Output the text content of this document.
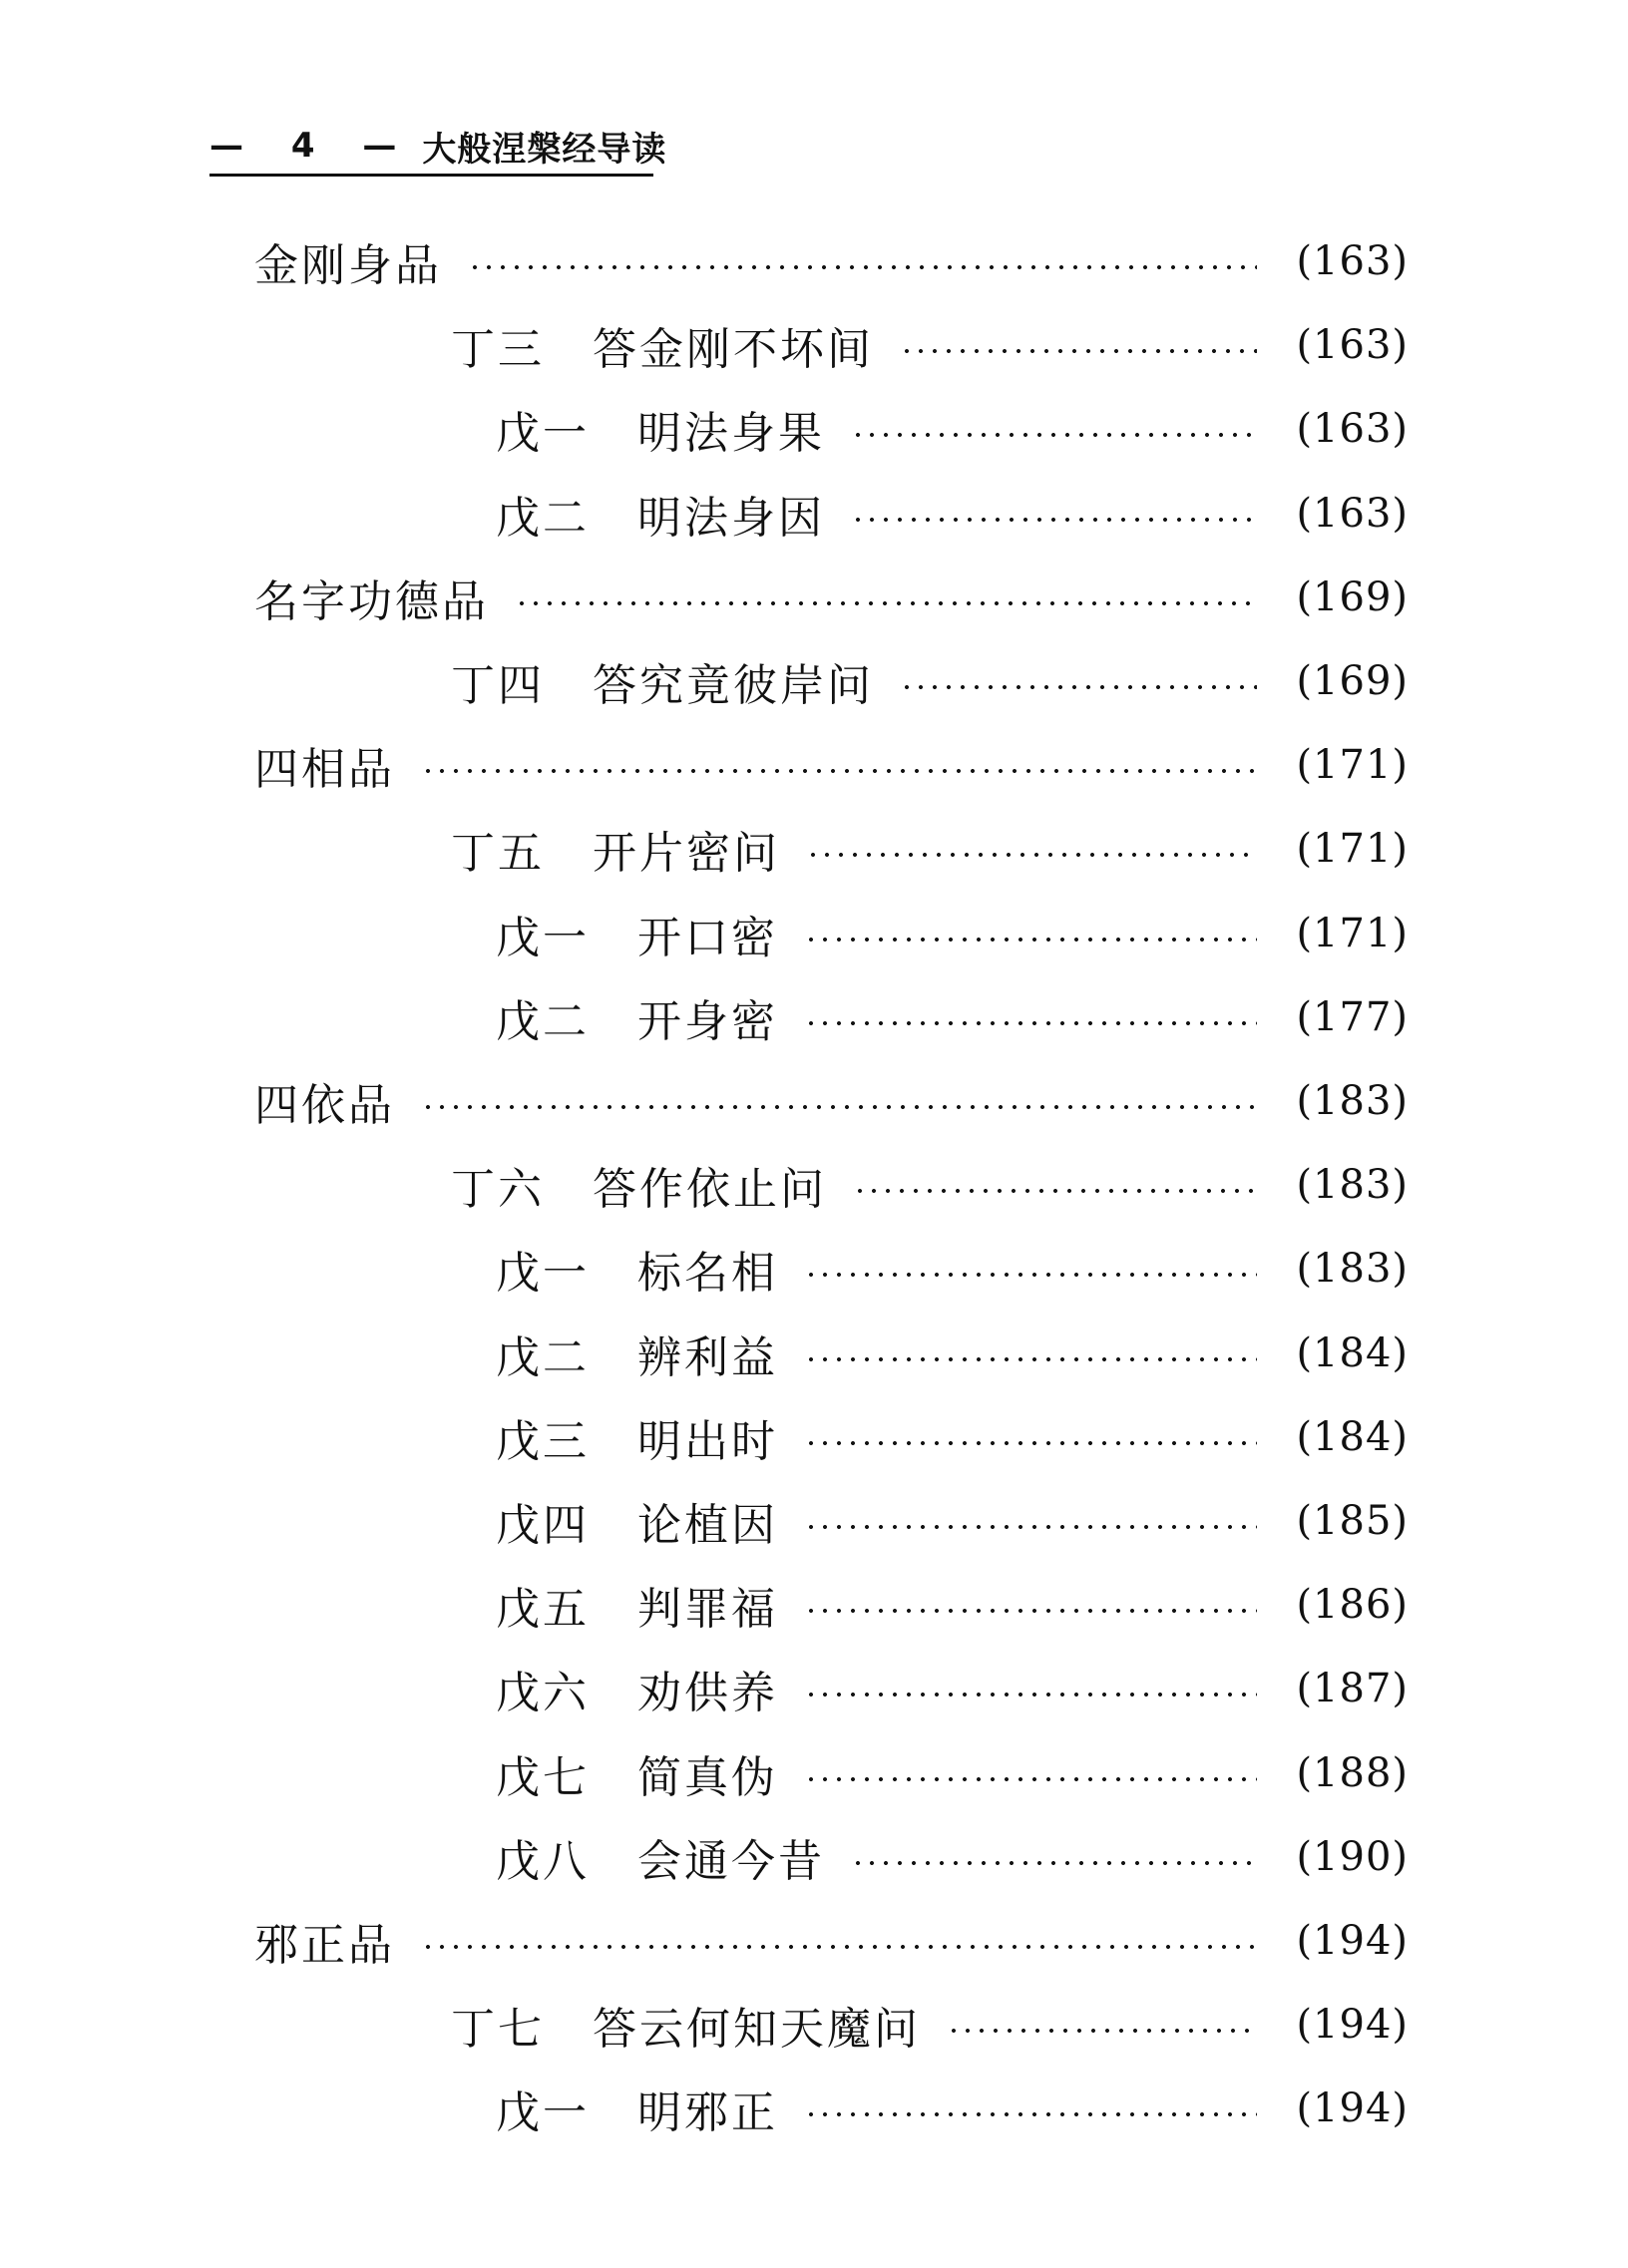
— 4 — 大般涅槃经导读
金刚身品	(163)
丁三 答金刚不坏间	(163)
戊一 明法身果	(163)
戊二 明法身因	(163)
名字功德品	(169)
丁四 答究竟彼岸问	(169)
四相品	(171)
丁五 开片密问	(171)
戊一 开口密	(171)
戊二 开身密	(177)
四依品	(183)
丁六 答作依止问	(183)
戊一 标名相	(183)
戊二 辨利益	(184)
戊三 明出时	(184)
戊四 论植因	(185)
戊五 判罪福	(186)
戊六 劝供养	(187)
戊七 简真伪	(188)
戊八 会通今昔	(190)
邪正品	(194)
丁七 答云何知天魔问	(194)
戊一 明邪正	(194)
